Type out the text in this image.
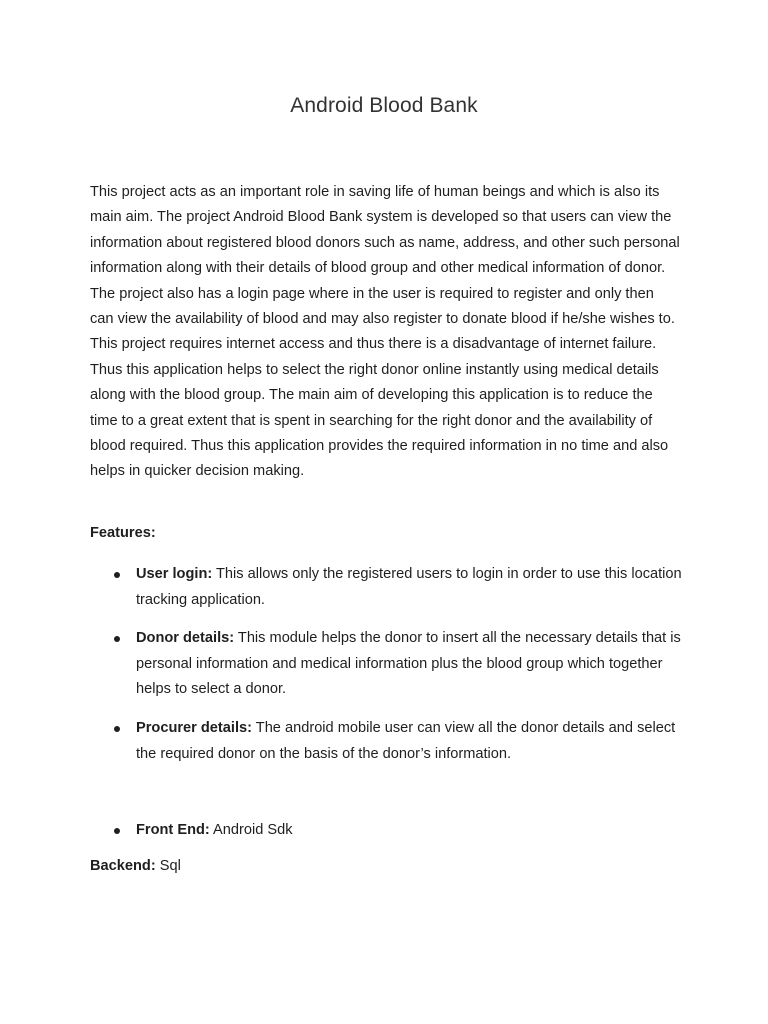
Android Blood Bank

This project acts as an important role in saving life of human beings and which is also its main aim. The project Android Blood Bank system is developed so that users can view the information about registered blood donors such as name, address, and other such personal information along with their details of blood group and other medical information of donor. The project also has a login page where in the user is required to register and only then can view the availability of blood and may also register to donate blood if he/she wishes to. This project requires internet access and thus there is a disadvantage of internet failure. Thus this application helps to select the right donor online instantly using medical details along with the blood group. The main aim of developing this application is to reduce the time to a great extent that is spent in searching for the right donor and the availability of blood required. Thus this application provides the required information in no time and also helps in quicker decision making.

Features:
User login: This allows only the registered users to login in order to use this location tracking application.
Donor details: This module helps the donor to insert all the necessary details that is personal information and medical information plus the blood group which together helps to select a donor.
Procurer details: The android mobile user can view all the donor details and select the required donor on the basis of the donor’s information.
Front End: Android Sdk
Backend: Sql
